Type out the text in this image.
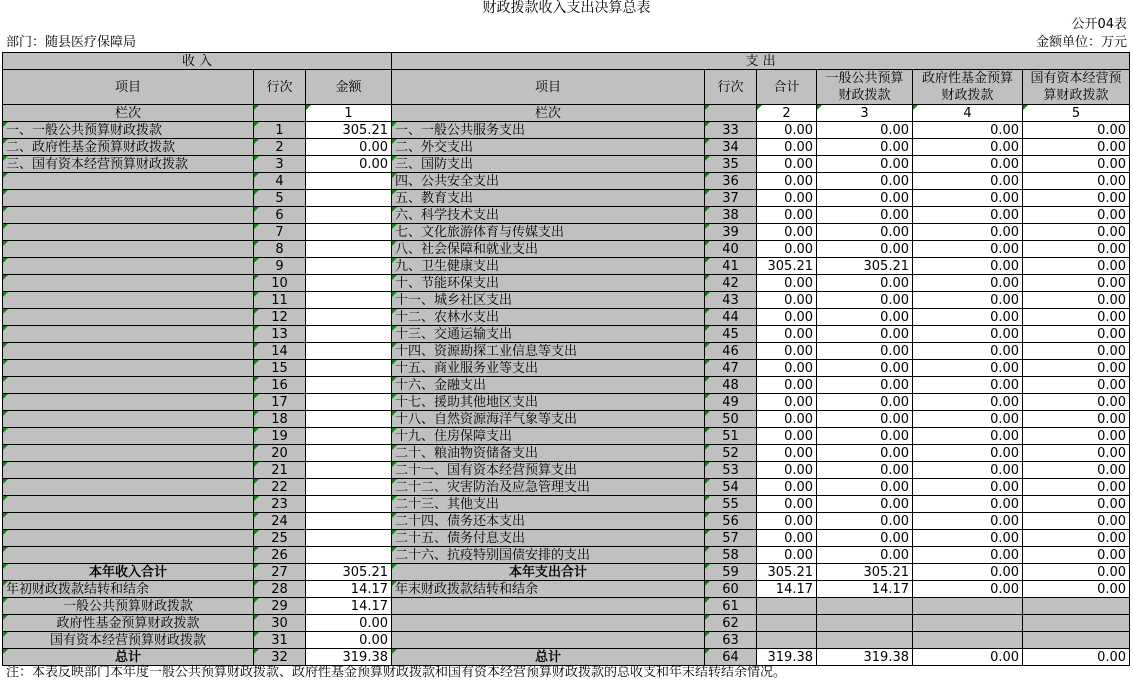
财政拨款收入支出决算总表
公开04表
部门：随县医疗保障局	金额单位：万元
收 入			支 出					
项目	行次	金额	项目	行次	合计	一般公共预算财政拨款	政府性基金预算财政拨款	国有资本经营预算财政拨款
栏次		1	栏次		2	3	4	5
一、一般公共预算财政拨款	1	305.21	一、一般公共服务支出	33	0.00	0.00	0.00	0.00
二、政府性基金预算财政拨款	2	0.00	二、外交支出	34	0.00	0.00	0.00	0.00
三、国有资本经营预算财政拨款	3	0.00	三、国防支出	35	0.00	0.00	0.00	0.00
	4		四、公共安全支出	36	0.00	0.00	0.00	0.00
	5		五、教育支出	37	0.00	0.00	0.00	0.00
	6		六、科学技术支出	38	0.00	0.00	0.00	0.00
	7		七、文化旅游体育与传媒支出	39	0.00	0.00	0.00	0.00
	8		八、社会保障和就业支出	40	0.00	0.00	0.00	0.00
	9		九、卫生健康支出	41	305.21	305.21	0.00	0.00
	10		十、节能环保支出	42	0.00	0.00	0.00	0.00
	11		十一、城乡社区支出	43	0.00	0.00	0.00	0.00
	12		十二、农林水支出	44	0.00	0.00	0.00	0.00
	13		十三、交通运输支出	45	0.00	0.00	0.00	0.00
	14		十四、资源勘探工业信息等支出	46	0.00	0.00	0.00	0.00
	15		十五、商业服务业等支出	47	0.00	0.00	0.00	0.00
	16		十六、金融支出	48	0.00	0.00	0.00	0.00
	17		十七、援助其他地区支出	49	0.00	0.00	0.00	0.00
	18		十八、自然资源海洋气象等支出	50	0.00	0.00	0.00	0.00
	19		十九、住房保障支出	51	0.00	0.00	0.00	0.00
	20		二十、粮油物资储备支出	52	0.00	0.00	0.00	0.00
	21		二十一、国有资本经营预算支出	53	0.00	0.00	0.00	0.00
	22		二十二、灾害防治及应急管理支出	54	0.00	0.00	0.00	0.00
	23		二十三、其他支出	55	0.00	0.00	0.00	0.00
	24		二十四、债务还本支出	56	0.00	0.00	0.00	0.00
	25		二十五、债务付息支出	57	0.00	0.00	0.00	0.00
	26		二十六、抗疫特别国债安排的支出	58	0.00	0.00	0.00	0.00
本年收入合计	27	305.21	本年支出合计	59	305.21	305.21	0.00	0.00
年初财政拨款结转和结余	28	14.17	年末财政拨款结转和结余	60	14.17	14.17	0.00	0.00
一般公共预算财政拨款	29	14.17		61				
政府性基金预算财政拨款	30	0.00		62				
国有资本经营预算财政拨款	31	0.00		63				
总计	32	319.38	总计	64	319.38	319.38	0.00	0.00
注：本表反映部门本年度一般公共预算财政拨款、政府性基金预算财政拨款和国有资本经营预算财政拨款的总收支和年末结转结余情况。
